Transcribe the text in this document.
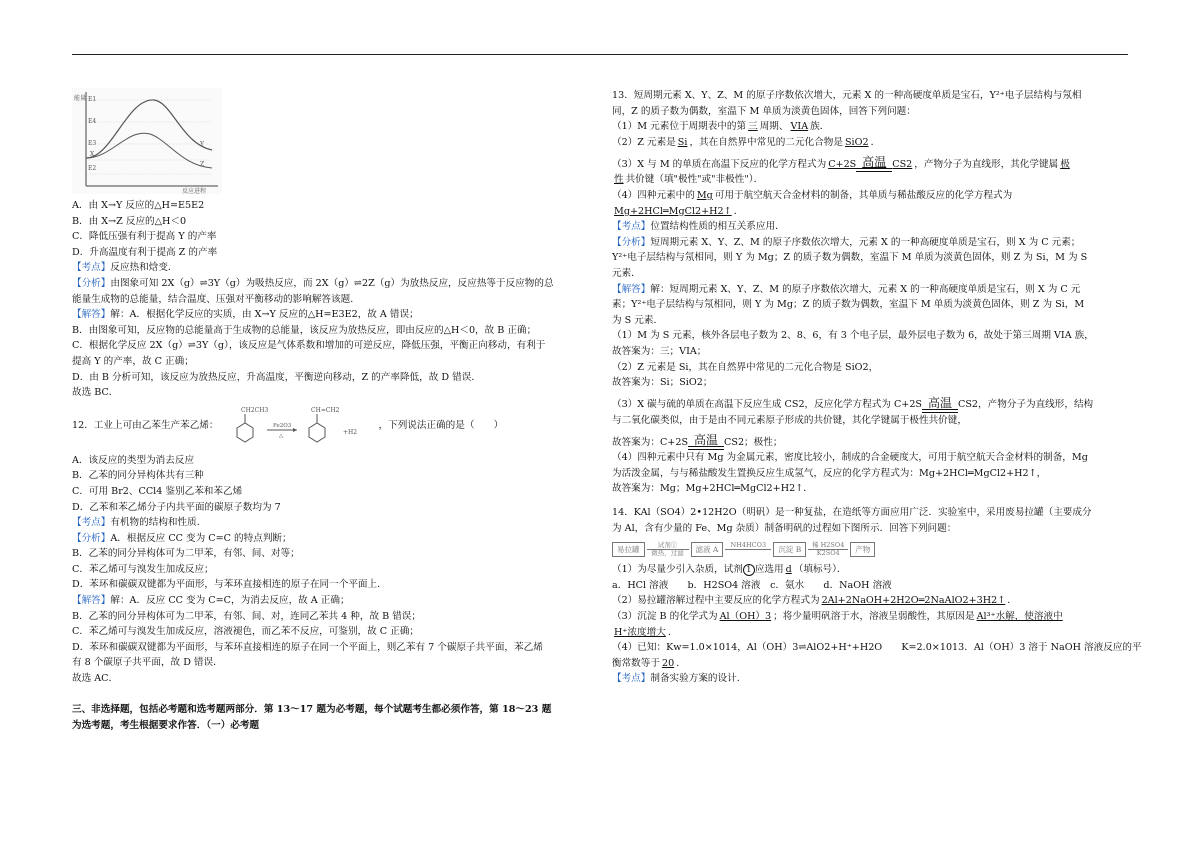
能量 E1
E4
E3
E2
X
Y
Z
反应进程

A．由 X→Y 反应的△H=E5￼E2

B．由 X→Z 反应的△H＜0

C．降低压强有利于提高 Y 的产率

D．升高温度有利于提高 Z 的产率

【考点】反应热和焓变．

【分析】由图象可知 2X（g）⇌3Y（g）为吸热反应，而 2X（g）⇌2Z（g）为放热反应，反应热等于反应物的总

能量￼生成物的总能量，结合温度、压强对平衡移动的影响解答该题．

【解答】解：A．根据化学反应的实质，由 X→Y 反应的△H=E3￼E2，故 A 错误；

B．由图象可知，反应物的总能量高于生成物的总能量，该反应为放热反应，即由反应的△H＜0，故 B 正确；

C．根据化学反应 2X（g）⇌3Y（g），该反应是气体系数和增加的可逆反应，降低压强，平衡正向移动，有利于

提高 Y 的产率，故 C 正确；

D．由 B 分析可知，该反应为放热反应，升高温度，平衡逆向移动，Z 的产率降低，故 D 错误．

故选 BC．

12．工业上可由乙苯生产苯乙烯：
CH2CH3
Fe2O3
△
CH=CH2
+H2
，下列说法正确的是（　　）

A．该反应的类型为消去反应

B．乙苯的同分异构体共有三种

C．可用 Br2、CCl4 鉴别乙苯和苯乙烯

D．乙苯和苯乙烯分子内共平面的碳原子数均为 7

【考点】有机物的结构和性质．

【分析】A．根据反应 C￼C 变为 C=C 的特点判断；

B．乙苯的同分异构体可为二甲苯，有邻、间、对等；

C．苯乙烯可与溴发生加成反应；

D．苯环和碳碳双键都为平面形，与苯环直接相连的原子在同一个平面上．

【解答】解：A．反应 C￼C 变为 C=C，为消去反应，故 A 正确；

B．乙苯的同分异构体可为二甲苯，有邻、间、对，连同乙苯共 4 种，故 B 错误；

C．苯乙烯可与溴发生加成反应，溶液褪色，而乙苯不反应，可鉴别，故 C 正确；

D．苯环和碳碳双键都为平面形，与苯环直接相连的原子在同一个平面上，则乙苯有 7 个碳原子共平面，苯乙烯

有 8 个碳原子共平面，故 D 错误．

故选 AC．

三、非选择题，包括必考题和选考题两部分．第 13～17 题为必考题，每个试题考生都必须作答，第 18～23 题

为选考题，考生根据要求作答．（一）必考题

13．短周期元素 X、Y、Z、M 的原子序数依次增大，元素 X 的一种高硬度单质是宝石，Y²⁺电子层结构与氖相

同，Z 的质子数为偶数，室温下 M 单质为淡黄色固体，回答下列问题：

（1）M 元素位于周期表中的第 三 周期、 VIA 族．

（2）Z 元素是 Si ，其在自然界中常见的二元化合物是 SiO2 ．

（3）X 与 M 的单质在高温下反应的化学方程式为 C+2S 高温 CS2 ，产物分子为直线形，其化学键属 极

性 共价键（填"极性"或"非极性"）．

（4）四种元素中的 Mg 可用于航空航天合金材料的制备，其单质与稀盐酸反应的化学方程式为

Mg+2HCl═MgCl2+H2↑ ．

【考点】位置结构性质的相互关系应用．

【分析】短周期元素 X、Y、Z、M 的原子序数依次增大，元素 X 的一种高硬度单质是宝石，则 X 为 C 元素；

Y²⁺电子层结构与氖相同，则 Y 为 Mg；Z 的质子数为偶数，室温下 M 单质为淡黄色固体，则 Z 为 Si，M 为 S

元素．

【解答】解：短周期元素 X、Y、Z、M 的原子序数依次增大，元素 X 的一种高硬度单质是宝石，则 X 为 C 元

素；Y²⁺电子层结构与氖相同，则 Y 为 Mg；Z 的质子数为偶数，室温下 M 单质为淡黄色固体，则 Z 为 Si，M

为 S 元素．

（1）M 为 S 元素，核外各层电子数为 2、8、6，有 3 个电子层，最外层电子数为 6，故处于第三周期 VIA 族，

故答案为：三；VIA；

（2）Z 元素是 Si，其在自然界中常见的二元化合物是 SiO2，

故答案为：Si；SiO2；

（3）X 碳与硫的单质在高温下反应生成 CS2，反应化学方程式为 C+2S 高温 CS2，产物分子为直线形，结构

与二氧化碳类似，由于是由不同元素原子形成的共价键，其化学键属于极性共价键，

故答案为：C+2S 高温 CS2；极性；

（4）四种元素中只有 Mg 为金属元素，密度比较小，制成的合金硬度大，可用于航空航天合金材料的制备，Mg

为活泼金属，与与稀盐酸发生置换反应生成氢气，反应的化学方程式为：Mg+2HCl═MgCl2+H2↑，

故答案为：Mg；Mg+2HCl═MgCl2+H2↑．

14．KAl（SO4）2•12H2O（明矾）是一种复盐，在造纸等方面应用广泛．实验室中，采用废易拉罐（主要成分

为 Al，含有少量的 Fe、Mg 杂质）制备明矾的过程如下图所示．回答下列问题：

易拉罐	试剂①
微热，过滤	滤液 A	NH4HCO3
	沉淀 B	稀 H2SO4
K2SO4	产物

（1）为尽量少引入杂质，试剂 1 应选用 d （填标号）．

a．HCl 溶液　　b．H2SO4 溶液　c．氨水　　d．NaOH 溶液

（2）易拉罐溶解过程中主要反应的化学方程式为 2Al+2NaOH+2H2O═2NaAlO2+3H2↑ ．

（3）沉淀 B 的化学式为 Al（OH）3 ；将少量明矾溶于水，溶液呈弱酸性，其原因是 Al³⁺水解，使溶液中

H⁺浓度增大 ．

（4）已知：Kw=1.0×10￼14，Al（OH）3⇌AlO2￼+H⁺+H2O　　K=2.0×10￼13．Al（OH）3 溶于 NaOH 溶液反应的平

衡常数等于 20 ．

【考点】制备实验方案的设计．
